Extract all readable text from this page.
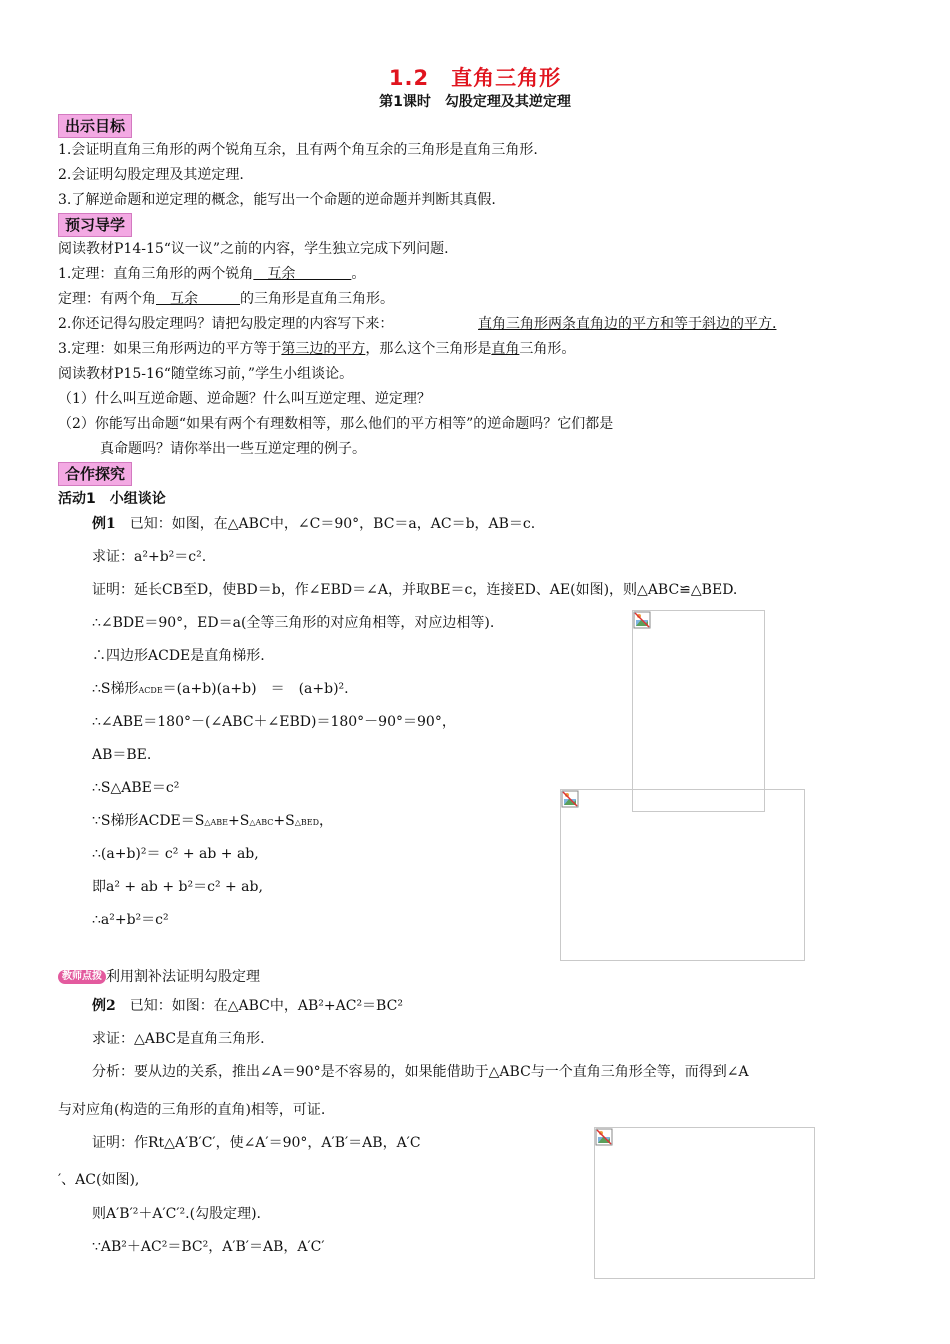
1.2　直角三角形
第1课时　勾股定理及其逆定理
出示目标
1.会证明直角三角形的两个锐角互余，且有两个角互余的三角形是直角三角形.
2.会证明勾股定理及其逆定理.
3.了解逆命题和逆定理的概念，能写出一个命题的逆命题并判断其真假.
预习导学
阅读教材P14-15“议一议”之前的内容，学生独立完成下列问题.
1.定理：直角三角形的两个锐角　互余　　　　。
定理：有两个角　互余　　　的三角形是直角三角形。
2.你还记得勾股定理吗？请把勾股定理的内容写下来：	直角三角形两条直角边的平方和等于斜边的平方.
3.定理：如果三角形两边的平方等于第三边的平方，那么这个三角形是直角三角形。
阅读教材P15-16“随堂练习前，”学生小组谈论。
（1）什么叫互逆命题、逆命题？什么叫互逆定理、逆定理？
（2）你能写出命题“如果有两个有理数相等，那么他们的平方相等”的逆命题吗？它们都是
真命题吗？请你举出一些互逆定理的例子。
合作探究
活动1　小组谈论
例1　已知：如图，在△ABC中，∠C＝90°，BC＝a，AC＝b，AB＝c.
求证：a²+b²＝c².
证明：延长CB至D，使BD＝b，作∠EBD＝∠A，并取BE＝c，连接ED、AE(如图)，则△ABC≌△BED.
∴∠BDE＝90°，ED＝a(全等三角形的对应角相等，对应边相等).
∴四边形ACDE是直角梯形.
∴S梯形ACDE＝(a+b)(a+b)　＝　(a+b)².
∴∠ABE＝180°－(∠ABC＋∠EBD)＝180°－90°＝90°，
AB＝BE.
∴S△ABE＝c²
∵S梯形ACDE＝S△ABE+S△ABC+S△BED，
∴(a+b)²＝ c² + ab + ab,
即a² + ab + b²＝c² + ab,
∴a²+b²＝c²
教师点拨 利用割补法证明勾股定理
例2　已知：如图：在△ABC中，AB²+AC²＝BC²
求证：△ABC是直角三角形.
分析：要从边的关系，推出∠A＝90°是不容易的，如果能借助于△ABC与一个直角三角形全等，而得到∠A
与对应角(构造的三角形的直角)相等，可证.
证明：作Rt△A′B′C′，使∠A′＝90°，A′B′＝AB，A′C
′、AC(如图),
则A′B′²＋A′C′².(勾股定理).
∵AB²＋AC²＝BC²，A′B′＝AB，A′C′
